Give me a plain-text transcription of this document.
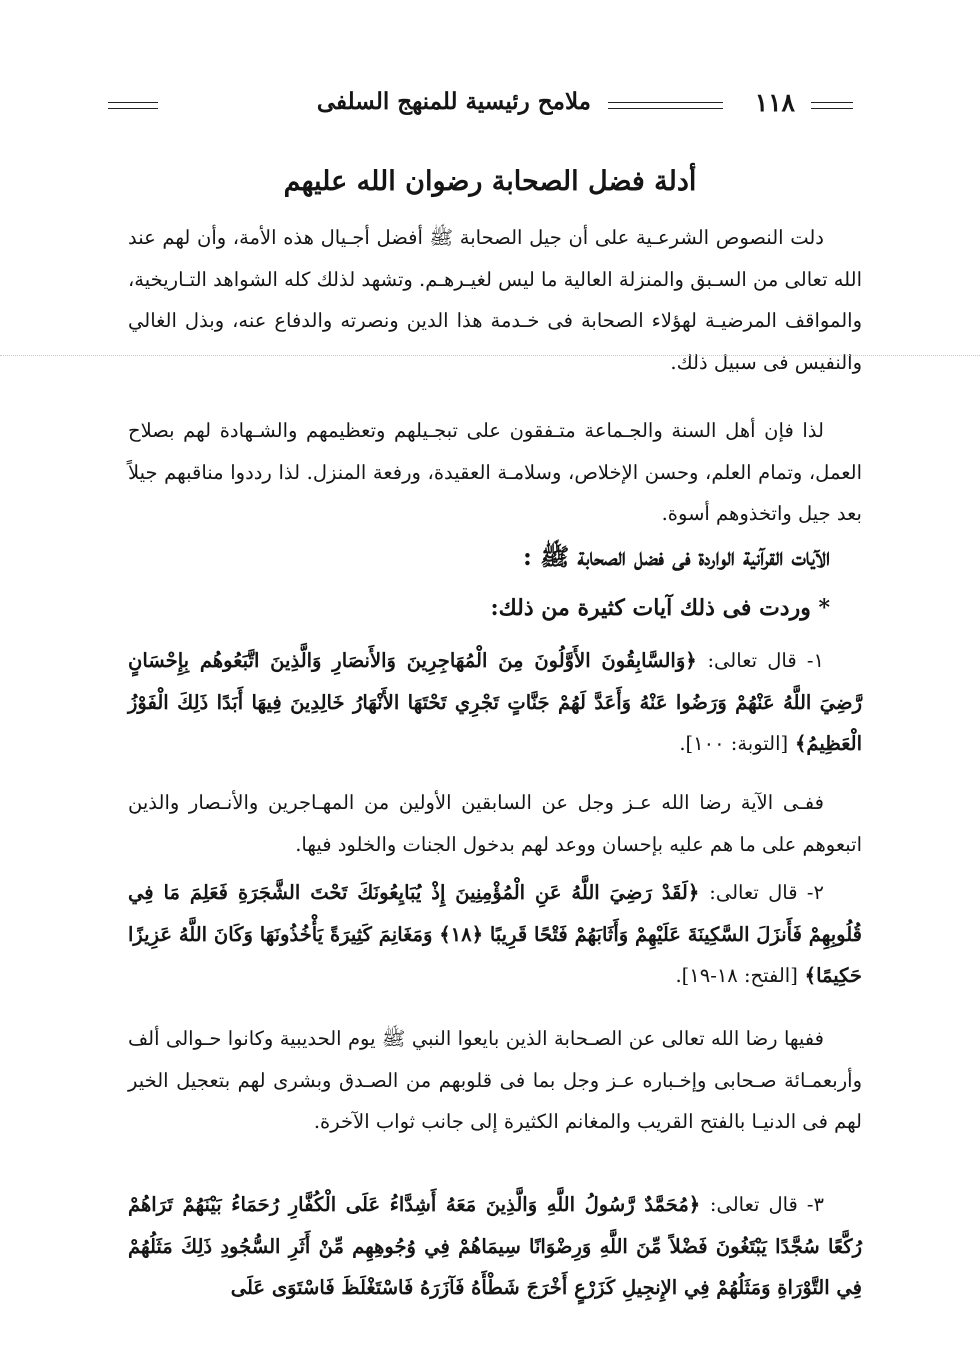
١١٨
ملامح رئيسية للمنهج السلفى
أدلة فضل الصحابة رضوان الله عليهم
دلت النصوص الشرعـية على أن جيل الصحابة ﷺ أفضل أجـيال هذه الأمة، وأن لهم عند الله تعالى من السـبق والمنزلة العالية ما ليس لغيـرهـم. وتشهد لذلك كله الشواهد التـاريخية، والمواقف المرضيـة لهؤلاء الصحابة فى خـدمة هذا الدين ونصرته والدفاع عنه، وبذل الغالي والنفيس فى سبيل ذلك.
لذا فإن أهل السنة والجـماعة متـفقون على تبجـيلهم وتعظيمهم والشـهادة لهم بصلاح العمل، وتمام العلم، وحسن الإخلاص، وسلامـة العقيدة، ورفعة المنزل. لذا رددوا مناقبهم جيلاً بعد جيل واتخذوهم أسوة.
الآيات القرآنية الواردة فى فضل الصحابة ﷺ :
* وردت فى ذلك آيات كثيرة من ذلك:
١- قال تعالى: ﴿وَالسَّابِقُونَ الأَوَّلُونَ مِنَ الْمُهَاجِرِينَ وَالأَنصَارِ وَالَّذِينَ اتَّبَعُوهُم بِإِحْسَانٍ رَّضِيَ اللَّهُ عَنْهُمْ وَرَضُوا عَنْهُ وَأَعَدَّ لَهُمْ جَنَّاتٍ تَجْرِي تَحْتَهَا الأَنْهَارُ خَالِدِينَ فِيهَا أَبَدًا ذَلِكَ الْفَوْزُ الْعَظِيمُ﴾ [التوبة: ١٠٠].
ففـى الآية رضا الله عـز وجل عن السابقين الأولين من المهـاجرين والأنـصار والذين اتبعوهم على ما هم عليه بإحسان ووعد لهم بدخول الجنات والخلود فيها.
٢- قال تعالى: ﴿لَقَدْ رَضِيَ اللَّهُ عَنِ الْمُؤْمِنِينَ إِذْ يُبَايِعُونَكَ تَحْتَ الشَّجَرَةِ فَعَلِمَ مَا فِي قُلُوبِهِمْ فَأَنزَلَ السَّكِينَةَ عَلَيْهِمْ وَأَثَابَهُمْ فَتْحًا قَرِيبًا ﴿١٨﴾ وَمَغَانِمَ كَثِيرَةً يَأْخُذُونَهَا وَكَانَ اللَّهُ عَزِيزًا حَكِيمًا﴾ [الفتح: ١٨-١٩].
ففيها رضا الله تعالى عن الصـحابة الذين بايعوا النبي ﷺ يوم الحديبية وكانوا حـوالى ألف وأربعمـائة صـحابى وإخـباره عـز وجل بما فى قلوبهم من الصـدق وبشرى لهم بتعجيل الخير لهم فى الدنيـا بالفتح القريب والمغانم الكثيرة إلى جانب ثواب الآخرة.
٣- قال تعالى: ﴿مُحَمَّدٌ رَّسُولُ اللَّهِ وَالَّذِينَ مَعَهُ أَشِدَّاءُ عَلَى الْكُفَّارِ رُحَمَاءُ بَيْنَهُمْ تَرَاهُمْ رُكَّعًا سُجَّدًا يَبْتَغُونَ فَضْلاً مِّنَ اللَّهِ وَرِضْوَانًا سِيمَاهُمْ فِي وُجُوهِهِم مِّنْ أَثَرِ السُّجُودِ ذَلِكَ مَثَلُهُمْ فِي التَّوْرَاةِ وَمَثَلُهُمْ فِي الإِنجِيلِ كَزَرْعٍ أَخْرَجَ شَطْأَهُ فَآزَرَهُ فَاسْتَغْلَظَ فَاسْتَوَى عَلَى
